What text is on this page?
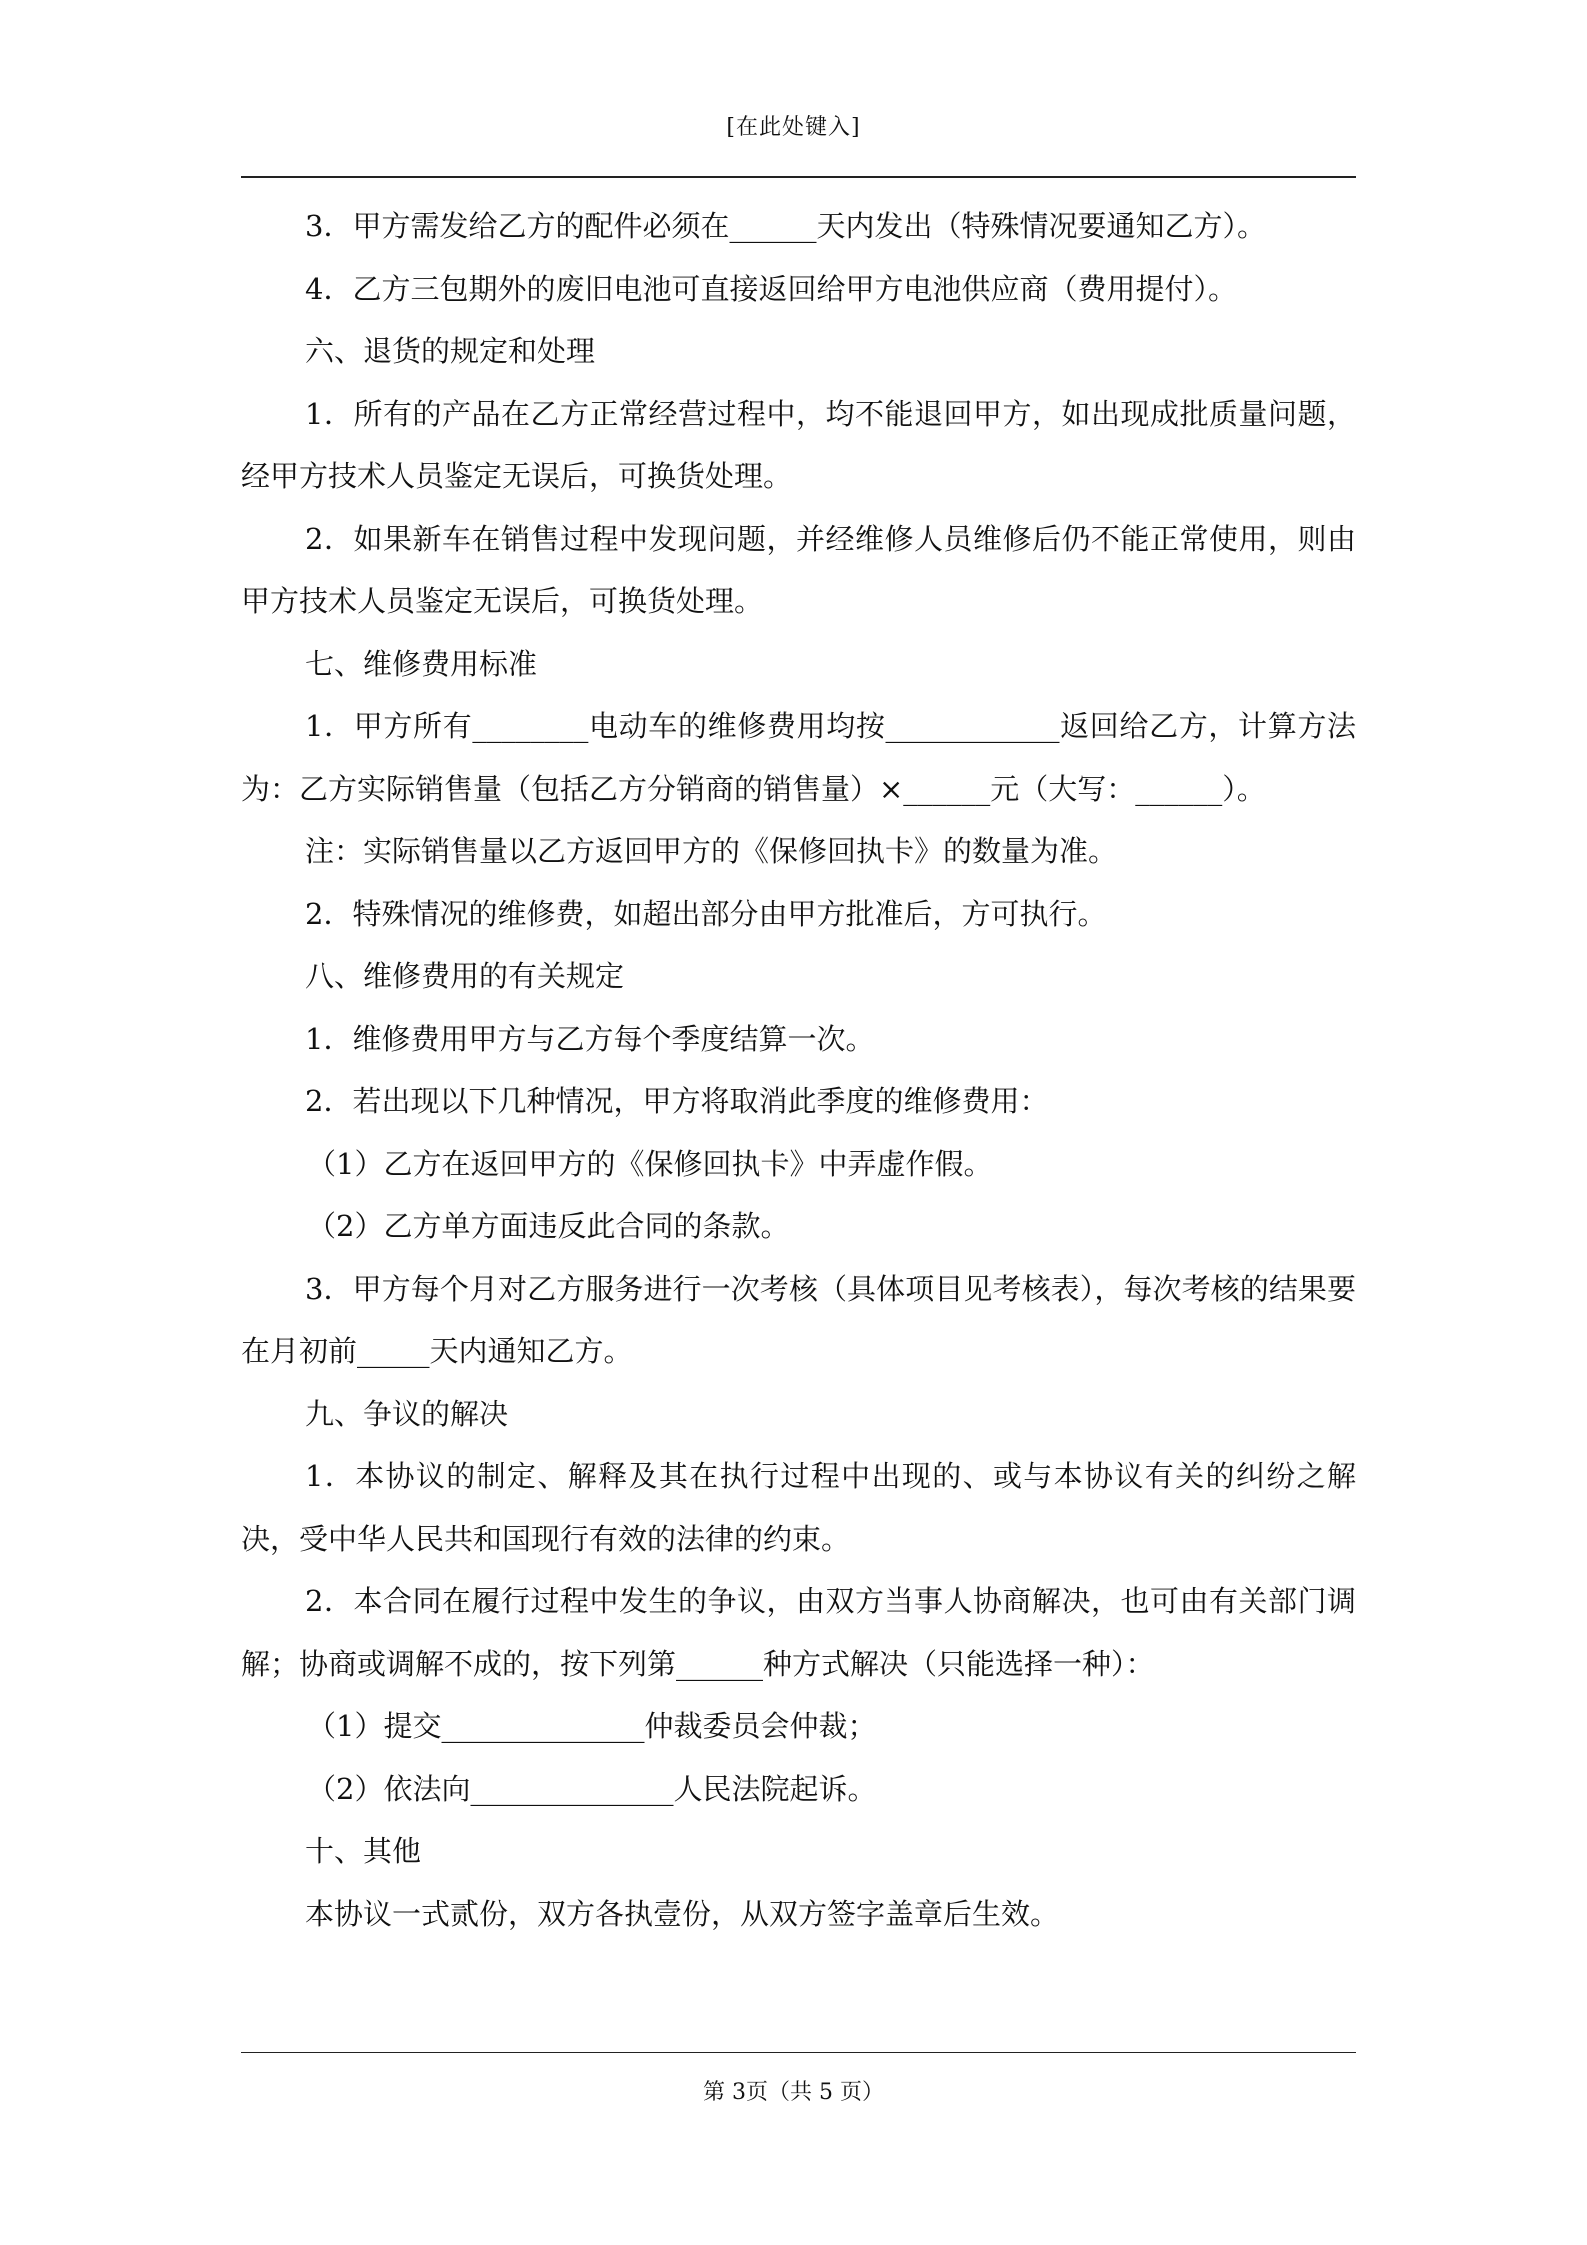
[在此处键入]

3．甲方需发给乙方的配件必须在______天内发出（特殊情况要通知乙方）。

4．乙方三包期外的废旧电池可直接返回给甲方电池供应商（费用提付）。

六、退货的规定和处理

1．所有的产品在乙方正常经营过程中，均不能退回甲方，如出现成批质量问题，经甲方技术人员鉴定无误后，可换货处理。

2．如果新车在销售过程中发现问题，并经维修人员维修后仍不能正常使用，则由甲方技术人员鉴定无误后，可换货处理。

七、维修费用标准

1．甲方所有________电动车的维修费用均按____________返回给乙方，计算方法为：乙方实际销售量（包括乙方分销商的销售量）×______元（大写：______）。

注：实际销售量以乙方返回甲方的《保修回执卡》的数量为准。

2．特殊情况的维修费，如超出部分由甲方批准后，方可执行。

八、维修费用的有关规定

1．维修费用甲方与乙方每个季度结算一次。

2．若出现以下几种情况，甲方将取消此季度的维修费用：

（1）乙方在返回甲方的《保修回执卡》中弄虚作假。

（2）乙方单方面违反此合同的条款。

3．甲方每个月对乙方服务进行一次考核（具体项目见考核表），每次考核的结果要在月初前_____天内通知乙方。

九、争议的解决

1．本协议的制定、解释及其在执行过程中出现的、或与本协议有关的纠纷之解决，受中华人民共和国现行有效的法律的约束。

2．本合同在履行过程中发生的争议，由双方当事人协商解决，也可由有关部门调解；协商或调解不成的，按下列第______种方式解决（只能选择一种）：

（1）提交______________仲裁委员会仲裁；

（2）依法向______________人民法院起诉。

十、其他

本协议一式贰份，双方各执壹份，从双方签字盖章后生效。

第 3页（共 5 页）
